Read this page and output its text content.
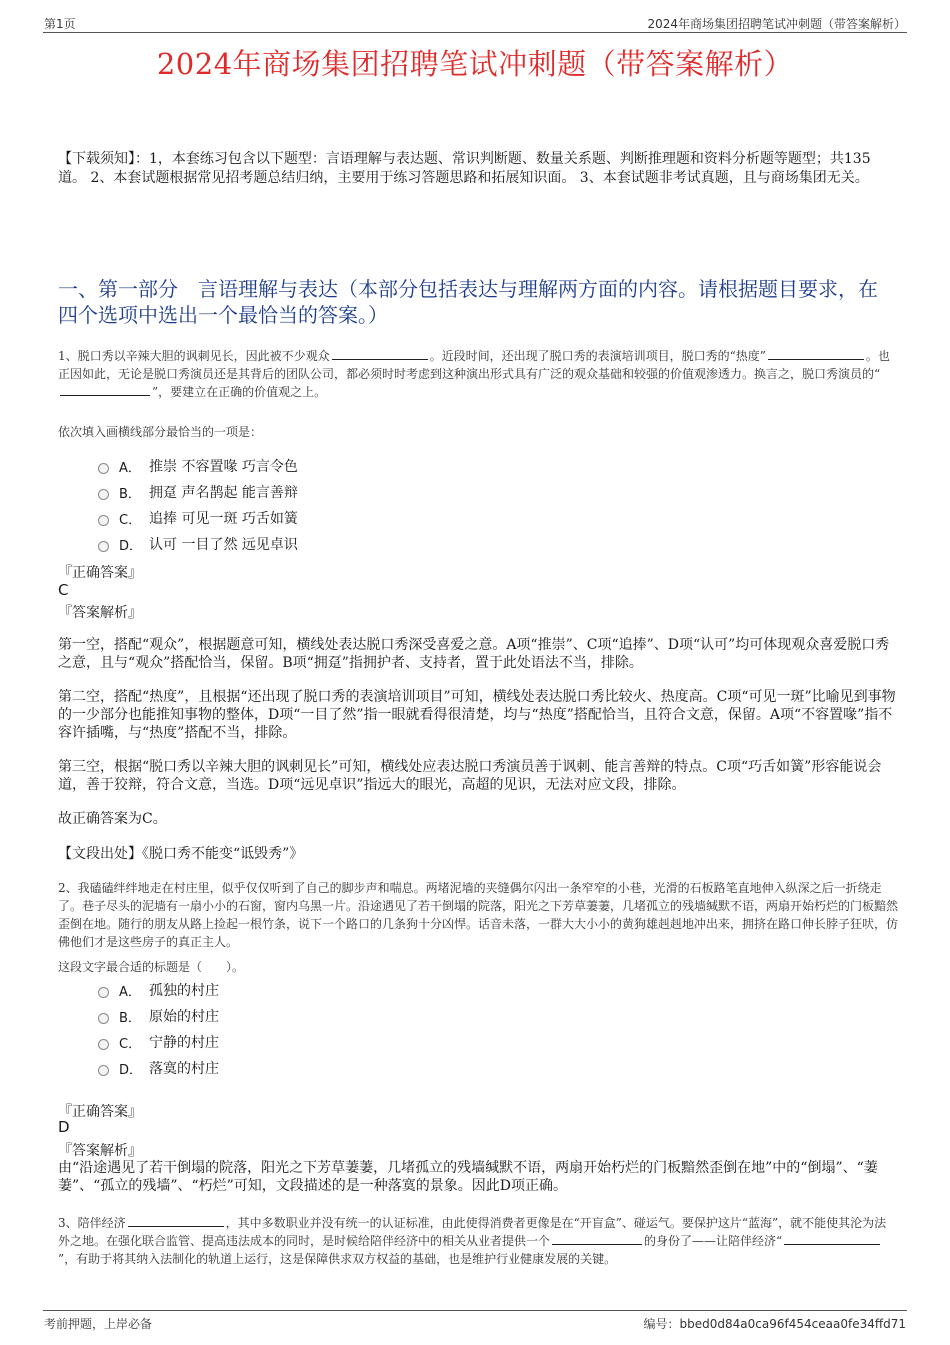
第1页	2024年商场集团招聘笔试冲刺题（带答案解析）
2024年商场集团招聘笔试冲刺题（带答案解析）
【下载须知】：1，本套练习包含以下题型：言语理解与表达题、常识判断题、数量关系题、判断推理题和资料分析题等题型；共135道。 2、本套试题根据常见招考题总结归纳，主要用于练习答题思路和拓展知识面。 3、本套试题非考试真题，且与商场集团无关。
一、第一部分　言语理解与表达（本部分包括表达与理解两方面的内容。请根据题目要求，在四个选项中选出一个最恰当的答案。）
1、脱口秀以辛辣大胆的讽刺见长，因此被不少观众	。近段时间，还出现了脱口秀的表演培训项目，脱口秀的“热度”	。也正因如此，无论是脱口秀演员还是其背后的团队公司，都必须时时考虑到这种演出形式具有广泛的观众基础和较强的价值观渗透力。换言之，脱口秀演员的“”，要建立在正确的价值观之上。
依次填入画横线部分最恰当的一项是：
A． 推崇 不容置喙 巧言令色
B． 拥趸 声名鹊起 能言善辩
C． 追捧 可见一斑 巧舌如簧
D． 认可 一目了然 远见卓识
『正确答案』
C
『答案解析』
第一空，搭配“观众”，根据题意可知，横线处表达脱口秀深受喜爱之意。A项“推崇”、C项“追捧”、D项“认可”均可体现观众喜爱脱口秀之意，且与“观众”搭配恰当，保留。B项“拥趸”指拥护者、支持者，置于此处语法不当，排除。
第二空，搭配“热度”，且根据“还出现了脱口秀的表演培训项目”可知，横线处表达脱口秀比较火、热度高。C项“可见一斑”比喻见到事物的一少部分也能推知事物的整体，D项“一目了然”指一眼就看得很清楚，均与“热度”搭配恰当，且符合文意，保留。A项“不容置喙”指不容许插嘴，与“热度”搭配不当，排除。
第三空，根据“脱口秀以辛辣大胆的讽刺见长”可知，横线处应表达脱口秀演员善于讽刺、能言善辩的特点。C项“巧舌如簧”形容能说会道，善于狡辩，符合文意，当选。D项“远见卓识”指远大的眼光，高超的见识，无法对应文段，排除。
故正确答案为C。
【文段出处】《脱口秀不能变“诋毁秀”》
2、我磕磕绊绊地走在村庄里，似乎仅仅听到了自己的脚步声和喘息。两堵泥墙的夹缝偶尔闪出一条窄窄的小巷，光滑的石板路笔直地伸入纵深之后一折绕走了。巷子尽头的泥墙有一扇小小的石窗，窗内乌黑一片。沿途遇见了若干倒塌的院落，阳光之下芳草萋萋，几堵孤立的残墙缄默不语，两扇开始朽烂的门板黯然歪倒在地。随行的朋友从路上捡起一根竹条，说下一个路口的几条狗十分凶悍。话音未落，一群大大小小的黄狗雄赳赳地冲出来，拥挤在路口伸长脖子狂吠，仿佛他们才是这些房子的真正主人。
这段文字最合适的标题是（　　）。
A． 孤独的村庄
B． 原始的村庄
C． 宁静的村庄
D． 落寞的村庄
『正确答案』
D
『答案解析』
由“沿途遇见了若干倒塌的院落，阳光之下芳草萋萋，几堵孤立的残墙缄默不语，两扇开始朽烂的门板黯然歪倒在地”中的“倒塌”、“萋萋”、“孤立的残墙”、“朽烂”可知，文段描述的是一种落寞的景象。因此D项正确。
3、陪伴经济	，其中多数职业并没有统一的认证标准，由此使得消费者更像是在“开盲盒”、碰运气。要保护这片“蓝海”，就不能使其沦为法外之地。在强化联合监管、提高违法成本的同时，是时候给陪伴经济中的相关从业者提供一个	的身份了——让陪伴经济“”，有助于将其纳入法制化的轨道上运行，这是保障供求双方权益的基础，也是维护行业健康发展的关键。
考前押题，上岸必备	编号：bbed0d84a0ca96f454ceaa0fe34ffd71
